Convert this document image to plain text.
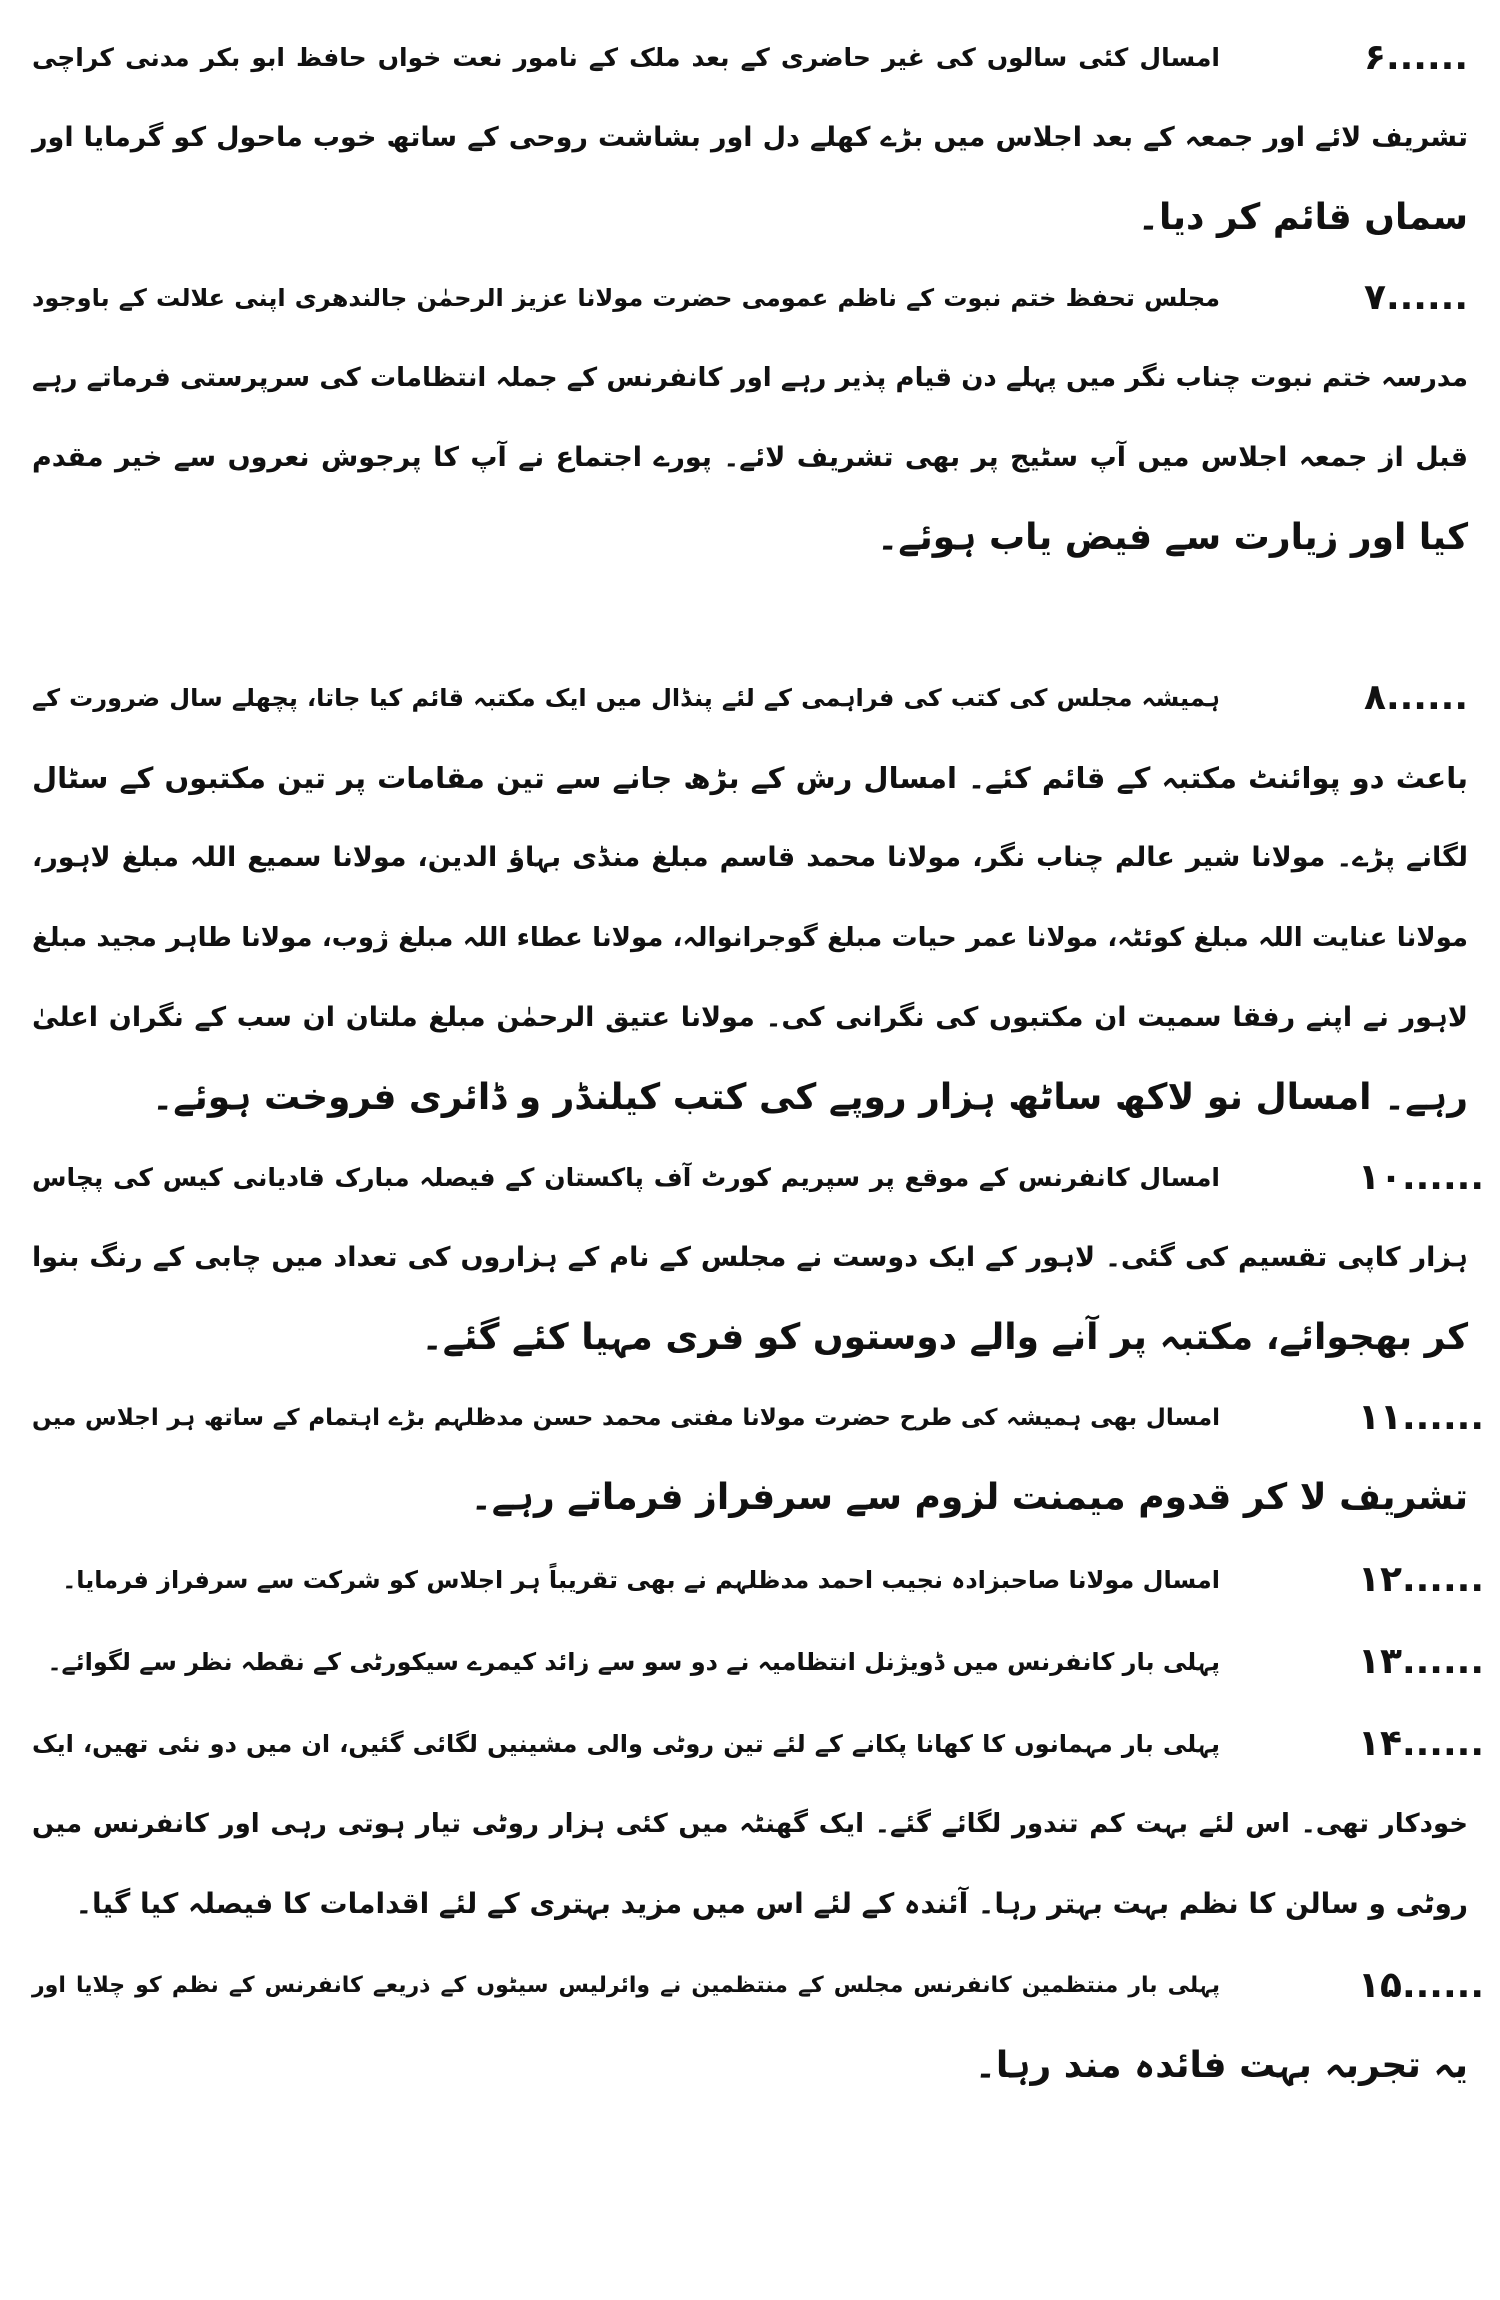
۶......
امسال کئی سالوں کی غیر حاضری کے بعد ملک کے نامور نعت خواں حافظ ابو بکر مدنی کراچی
تشریف لائے اور جمعہ کے بعد اجلاس میں بڑے کھلے دل اور بشاشت روحی کے ساتھ خوب ماحول کو گرمایا اور
سماں قائم کر دیا۔
۷......
مجلس تحفظ ختم نبوت کے ناظم عمومی حضرت مولانا عزیز الرحمٰن جالندھری اپنی علالت کے باوجود
مدرسہ ختم نبوت چناب نگر میں پہلے دن قیام پذیر رہے اور کانفرنس کے جملہ انتظامات کی سرپرستی فرماتے رہے
قبل از جمعہ اجلاس میں آپ سٹیج پر بھی تشریف لائے۔ پورے اجتماع نے آپ کا پرجوش نعروں سے خیر مقدم
کیا اور زیارت سے فیض یاب ہوئے۔
۸......
ہمیشہ مجلس کی کتب کی فراہمی کے لئے پنڈال میں ایک مکتبہ قائم کیا جاتا، پچھلے سال ضرورت کے
باعث دو پوائنٹ مکتبہ کے قائم کئے۔ امسال رش کے بڑھ جانے سے تین مقامات پر تین مکتبوں کے سٹال
لگانے پڑے۔ مولانا شیر عالم چناب نگر، مولانا محمد قاسم مبلغ منڈی بہاؤ الدین، مولانا سمیع اللہ مبلغ لاہور،
مولانا عنایت اللہ مبلغ کوئٹہ، مولانا عمر حیات مبلغ گوجرانوالہ، مولانا عطاء اللہ مبلغ ژوب، مولانا طاہر مجید مبلغ
لاہور نے اپنے رفقا سمیت ان مکتبوں کی نگرانی کی۔ مولانا عتیق الرحمٰن مبلغ ملتان ان سب کے نگران اعلیٰ
رہے۔ امسال نو لاکھ ساٹھ ہزار روپے کی کتب کیلنڈر و ڈائری فروخت ہوئے۔
۱۰......
امسال کانفرنس کے موقع پر سپریم کورٹ آف پاکستان کے فیصلہ مبارک قادیانی کیس کی پچاس
ہزار کاپی تقسیم کی گئی۔ لاہور کے ایک دوست نے مجلس کے نام کے ہزاروں کی تعداد میں چابی کے رنگ بنوا
کر بھجوائے، مکتبہ پر آنے والے دوستوں کو فری مہیا کئے گئے۔
۱۱......
امسال بھی ہمیشہ کی طرح حضرت مولانا مفتی محمد حسن مدظلہم بڑے اہتمام کے ساتھ ہر اجلاس میں
تشریف لا کر قدوم میمنت لزوم سے سرفراز فرماتے رہے۔
۱۲......
امسال مولانا صاحبزادہ نجیب احمد مدظلہم نے بھی تقریباً ہر اجلاس کو شرکت سے سرفراز فرمایا۔
۱۳......
پہلی بار کانفرنس میں ڈویژنل انتظامیہ نے دو سو سے زائد کیمرے سیکورٹی کے نقطہ نظر سے لگوائے۔
۱۴......
پہلی بار مہمانوں کا کھانا پکانے کے لئے تین روٹی والی مشینیں لگائی گئیں، ان میں دو نئی تھیں، ایک
خودکار تھی۔ اس لئے بہت کم تندور لگائے گئے۔ ایک گھنٹہ میں کئی ہزار روٹی تیار ہوتی رہی اور کانفرنس میں
روٹی و سالن کا نظم بہت بہتر رہا۔ آئندہ کے لئے اس میں مزید بہتری کے لئے اقدامات کا فیصلہ کیا گیا۔
۱۵......
پہلی بار منتظمین کانفرنس مجلس کے منتظمین نے وائرلیس سیٹوں کے ذریعے کانفرنس کے نظم کو چلایا اور
یہ تجربہ بہت فائدہ مند رہا۔
